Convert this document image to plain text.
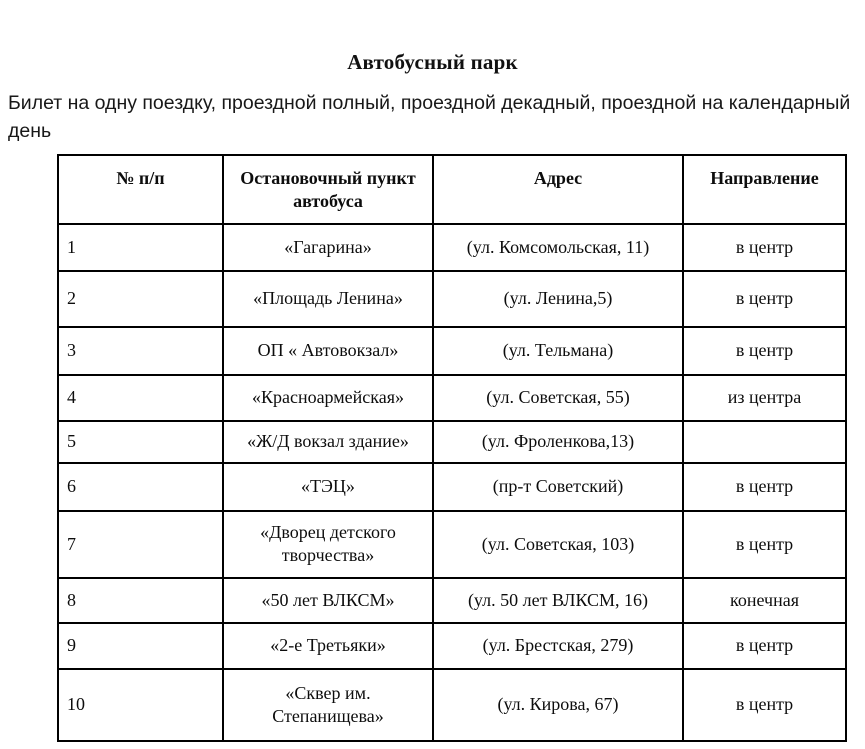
Автобусный парк

Билет на одну поездку, проездной полный, проездной декадный, проездной на календарный день

№ п/п	Остановочный пункт автобуса	Адрес	Направление
1	«Гагарина»	(ул. Комсомольская, 11)	в центр
2	«Площадь Ленина»	(ул. Ленина,5)	в центр
3	ОП « Автовокзал»	(ул. Тельмана)	в центр
4	«Красноармейская»	(ул. Советская, 55)	из центра
5	«Ж/Д вокзал здание»	(ул. Фроленкова,13)	
6	«ТЭЦ»	(пр-т Советский)	в центр
7	«Дворец детского творчества»	(ул. Советская, 103)	в центр
8	«50 лет ВЛКСМ»	(ул. 50 лет ВЛКСМ, 16)	конечная
9	«2-е Третьяки»	(ул. Брестская, 279)	в центр
10	«Сквер им. Степанищева»	(ул. Кирова, 67)	в центр
